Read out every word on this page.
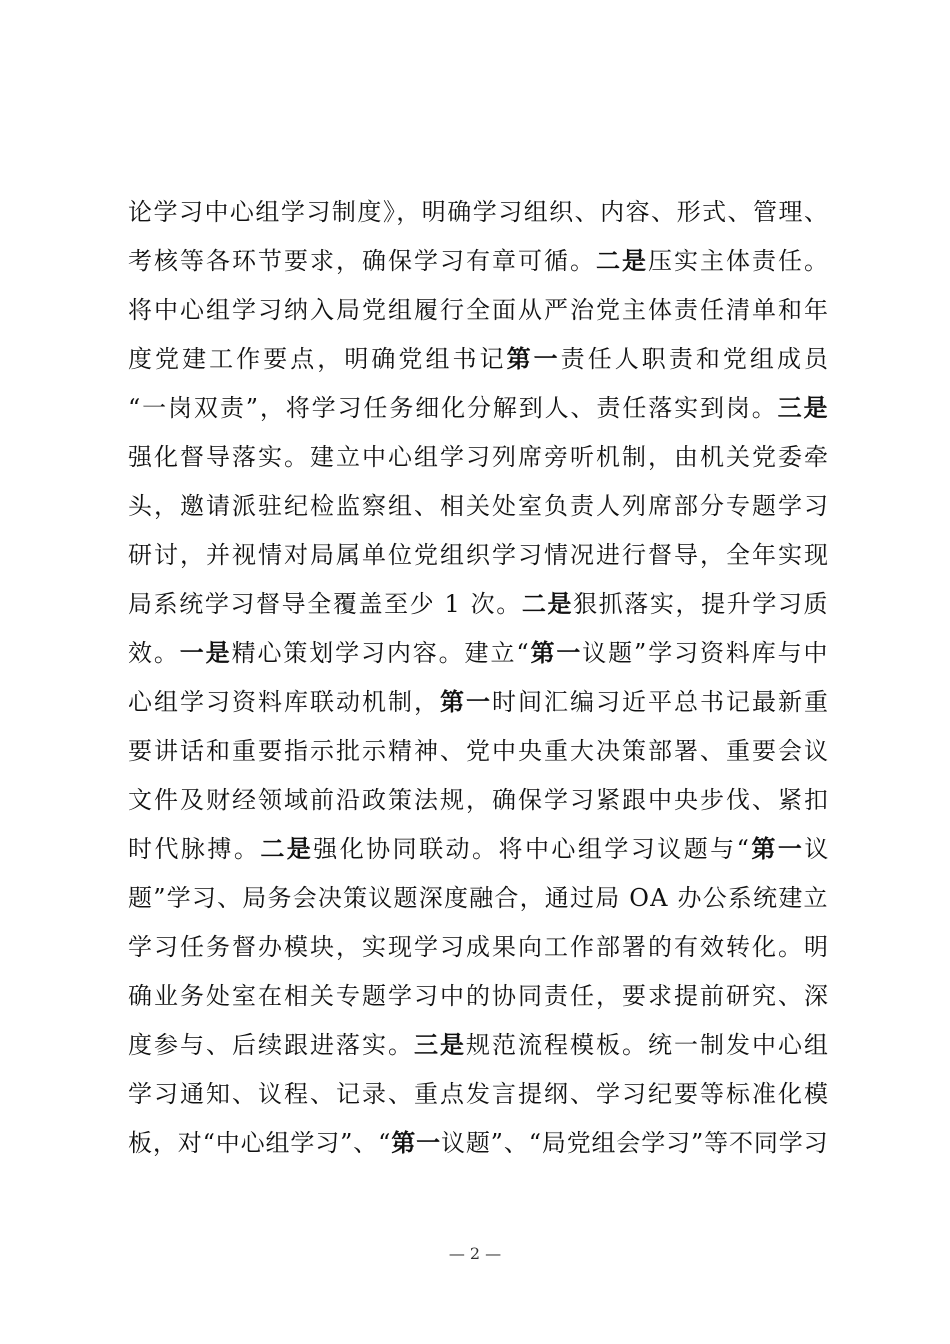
论学习中心组学习制度》，明确学习组织、内容、形式、管理、
考核等各环节要求，确保学习有章可循。二是压实主体责任。
将中心组学习纳入局党组履行全面从严治党主体责任清单和年
度党建工作要点，明确党组书记第一责任人职责和党组成员
“一岗双责”，将学习任务细化分解到人、责任落实到岗。三是
强化督导落实。建立中心组学习列席旁听机制，由机关党委牵
头，邀请派驻纪检监察组、相关处室负责人列席部分专题学习
研讨，并视情对局属单位党组织学习情况进行督导，全年实现
局系统学习督导全覆盖至少 1 次。二是狠抓落实，提升学习质
效。一是精心策划学习内容。建立“第一议题”学习资料库与中
心组学习资料库联动机制，第一时间汇编习近平总书记最新重
要讲话和重要指示批示精神、党中央重大决策部署、重要会议
文件及财经领域前沿政策法规，确保学习紧跟中央步伐、紧扣
时代脉搏。二是强化协同联动。将中心组学习议题与“第一议
题”学习、局务会决策议题深度融合，通过局 OA 办公系统建立
学习任务督办模块，实现学习成果向工作部署的有效转化。明
确业务处室在相关专题学习中的协同责任，要求提前研究、深
度参与、后续跟进落实。三是规范流程模板。统一制发中心组
学习通知、议程、记录、重点发言提纲、学习纪要等标准化模
板，对“中心组学习”、“第一议题”、“局党组会学习”等不同学习
— 2 —
